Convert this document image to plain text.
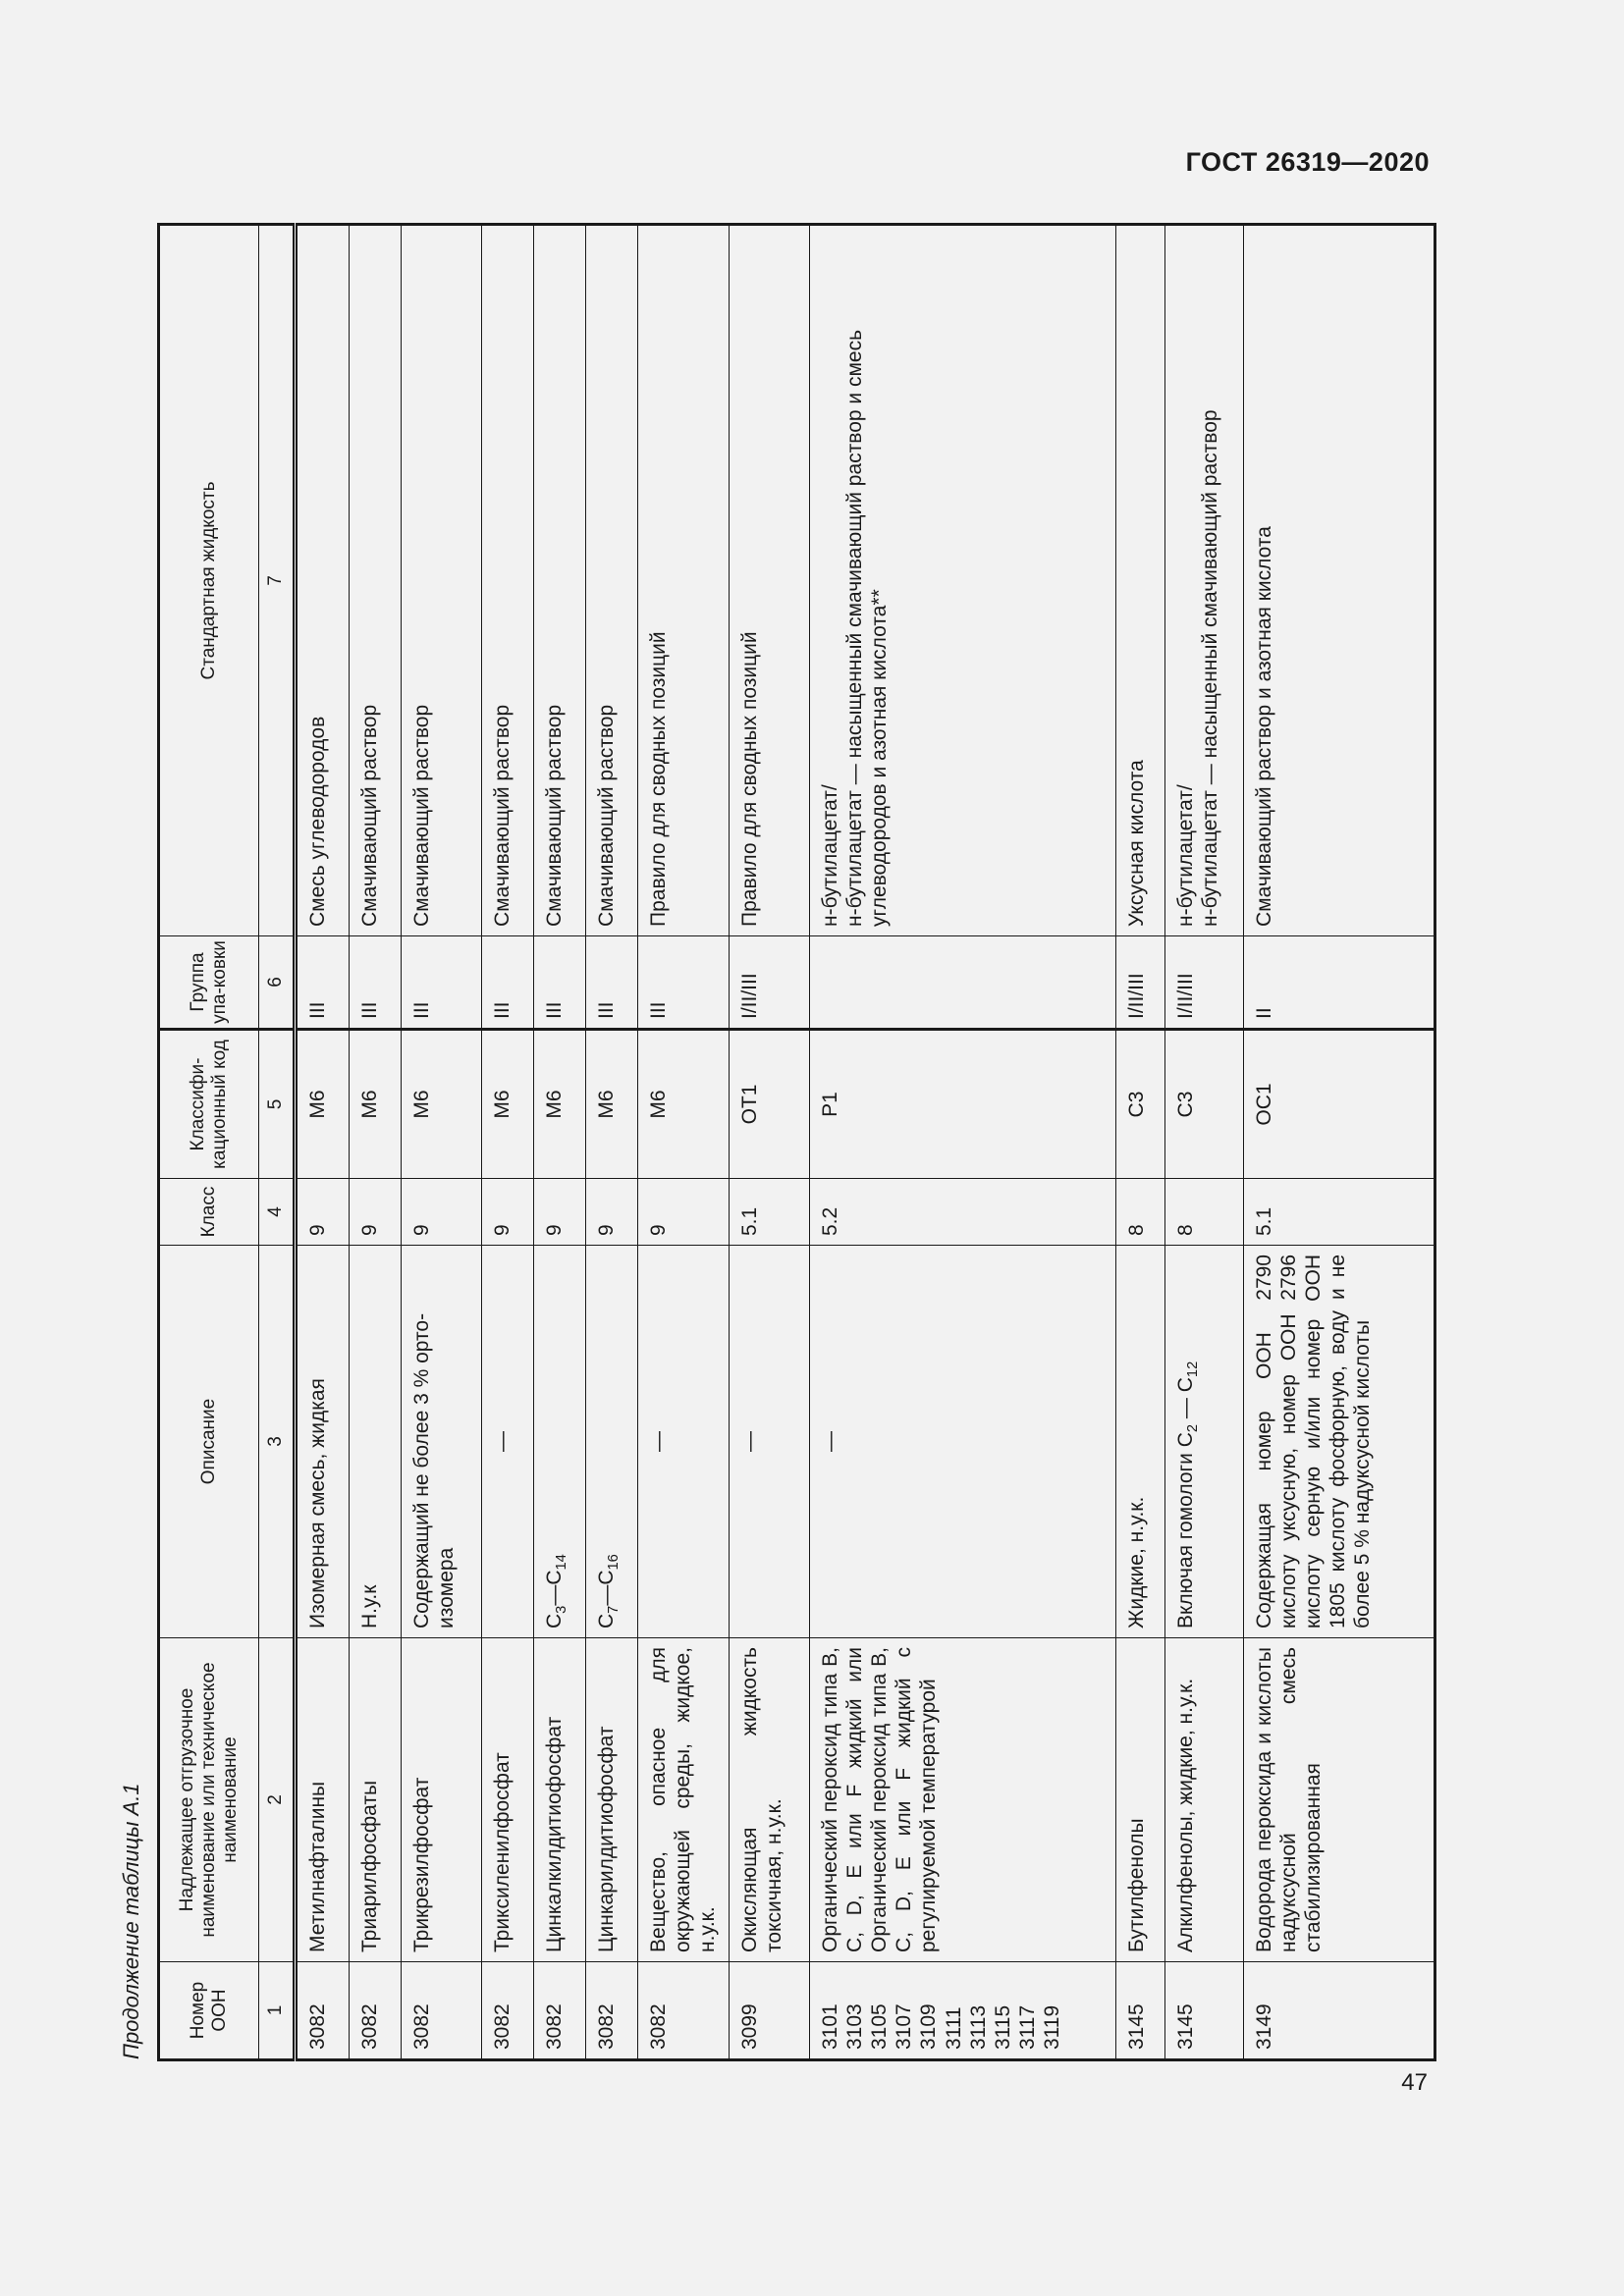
ГОСТ 26319—2020
Продолжение таблицы А.1	Номер ООН	Надлежащее отгрузочное наименование или техническое наименование	Описание	Класс	Классифи-кационный код	Группа упа-ковки	Стандартная жидкость
1	2	3	4	5	6	7
3082	Метилнафталины	Изомерная смесь, жидкая	9	M6	III	Смесь углеводородов
3082	Триарилфосфаты	Н.у.к	9	M6	III	Смачивающий раствор
3082	Трикрезилфосфат	Содержащий не более 3 % орто-изомера	9	M6	III	Смачивающий раствор
3082	Триксиленилфосфат	—	9	M6	III	Смачивающий раствор
3082	Цинкалкилдитиофосфат	$C_3—C_{14}$	9	M6	III	Смачивающий раствор
3082	Цинкарилдитиофосфат	$C_7—C_{16}$	9	M6	III	Смачивающий раствор
3082	Вещество, опасное для окружающей среды, жидкое, н.у.к.	—	9	M6	III	Правило для сводных позиций
3099	Окисляющая жидкость токсичная, н.у.к.	—	5.1	OT1	I/II/III	Правило для сводных позиций
3101 3103 3105 3107 3109 3111 3113 3115 3117 3119	Органический пероксид типа B, C, D, E или F жидкий или Органический пероксид типа B, C, D, E или F жидкий с регулируемой температурой	—	5.2	P1		н-бутилацетат/ н-бутилацетат — насыщенный смачивающий раствор и смесь углеводородов и азотная кислота**

3145	Бутилфенолы	Жидкие, н.у.к.	8	C3	I/II/III	Уксусная кислота
3145	Алкилфенолы, жидкие, н.у.к.	Включая гомологи $C_2$ — $C_{12}$	8	C3	I/II/III	н-бутилацетат/ н-бутилацетат — насыщенный смачивающий раствор

3149	Водорода пероксида и кислоты надуксусной смесь стабилизированная	Содержащая номер ООН 2790 кислоту уксусную, номер ООН 2796 кислоту серную и/или номер ООН 1805 кислоту фосфорную, воду и не более 5 % надуксусной кислоты	5.1	OC1	II	Смачивающий раствор и азотная кислота
47
